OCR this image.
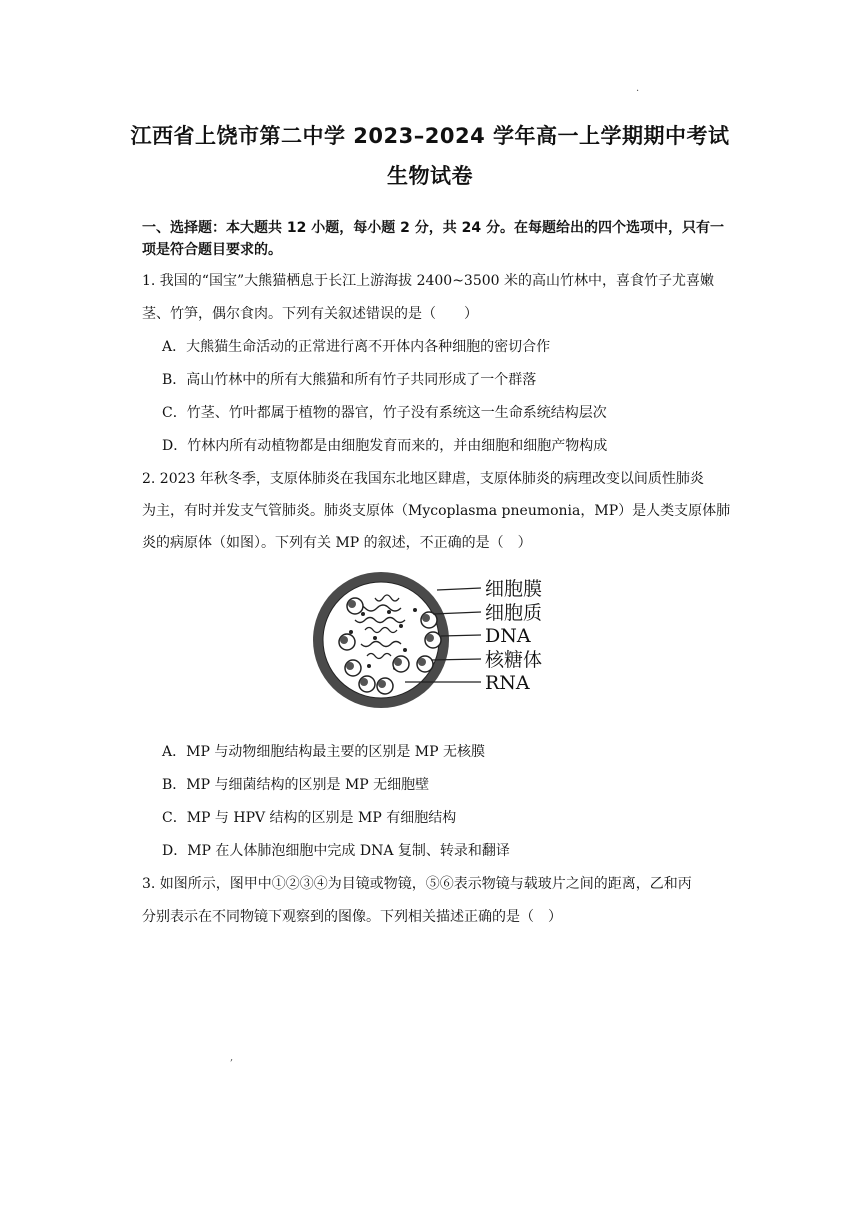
·
江西省上饶市第二中学 2023–2024 学年高一上学期期中考试
生物试卷
一、选择题：本大题共 12 小题，每小题 2 分，共 24 分。在每题给出的四个选项中，只有一项是符合题目要求的。
1. 我国的“国宝”大熊猫栖息于长江上游海拔 2400~3500 米的高山竹林中，喜食竹子尤喜嫩
茎、竹笋，偶尔食肉。下列有关叙述错误的是（　　）
A．大熊猫生命活动的正常进行离不开体内各种细胞的密切合作
B．高山竹林中的所有大熊猫和所有竹子共同形成了一个群落
C．竹茎、竹叶都属于植物的器官，竹子没有系统这一生命系统结构层次
D．竹林内所有动植物都是由细胞发育而来的，并由细胞和细胞产物构成
2. 2023 年秋冬季，支原体肺炎在我国东北地区肆虐，支原体肺炎的病理改变以间质性肺炎
为主，有时并发支气管肺炎。肺炎支原体（Mycoplasma pneumonia，MP）是人类支原体肺
炎的病原体（如图）。下列有关 MP 的叙述，不正确的是（　）
细胞膜
细胞质
DNA
核糖体
RNA
A．MP 与动物细胞结构最主要的区别是 MP 无核膜
B．MP 与细菌结构的区别是 MP 无细胞壁
C．MP 与 HPV 结构的区别是 MP 有细胞结构
D．MP 在人体肺泡细胞中完成 DNA 复制、转录和翻译
3. 如图所示，图甲中①②③④为目镜或物镜，⑤⑥表示物镜与载玻片之间的距离，乙和丙
分别表示在不同物镜下观察到的图像。下列相关描述正确的是（　）
,
